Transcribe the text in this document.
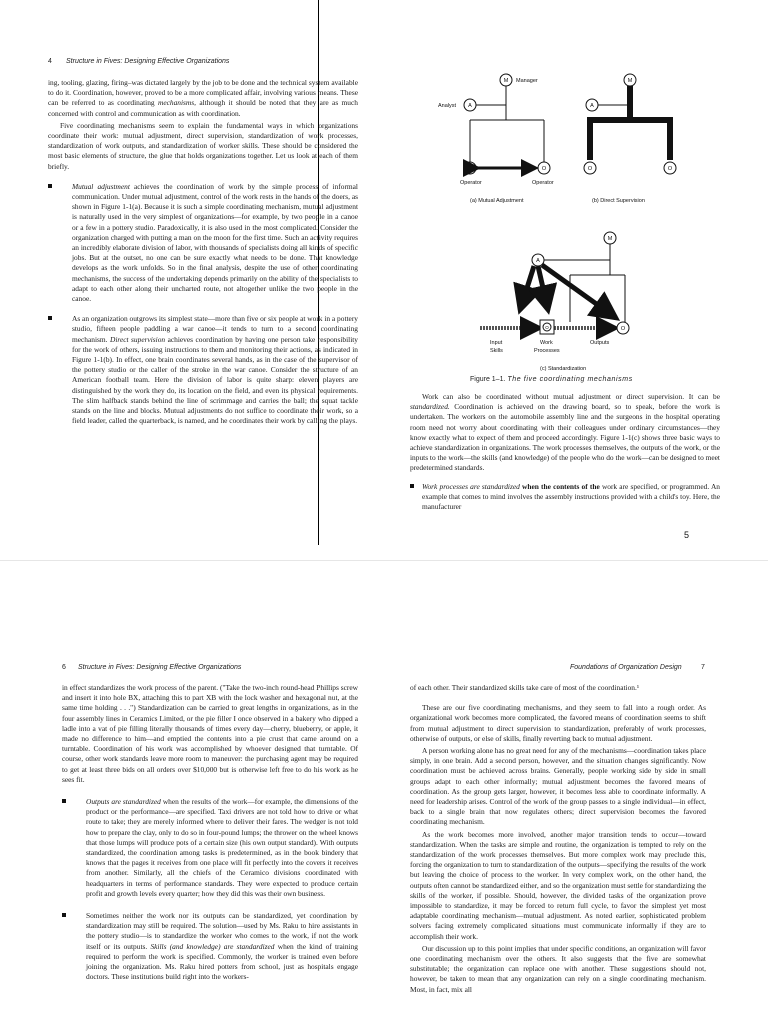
4 Structure in Fives: Designing Effective Organizations

ing, tooling, glazing, firing–was dictated largely by the job to be done and the technical system available to do it. Coordination, however, proved to be a more complicated affair, involving various means. These can be referred to as coordinating mechanisms, although it should be noted that they are as much concerned with control and communication as with coordination.

Five coordinating mechanisms seem to explain the fundamental ways in which organizations coordinate their work: mutual adjustment, direct supervision, standardization of work processes, standardization of work outputs, and standardization of worker skills. These should be considered the most basic elements of structure, the glue that holds organizations together. Let us look at each of them briefly.

Mutual adjustment achieves the coordination of work by the simple process of informal communication. Under mutual adjustment, control of the work rests in the hands of the doers, as shown in Figure 1-1(a). Because it is such a simple coordinating mechanism, mutual adjustment is naturally used in the very simplest of organizations—for example, by two people in a canoe or a few in a pottery studio. Paradoxically, it is also used in the most complicated. Consider the organization charged with putting a man on the moon for the first time. Such an activity requires an incredibly elaborate division of labor, with thousands of specialists doing all kinds of specific jobs. But at the outset, no one can be sure exactly what needs to be done. That knowledge develops as the work unfolds. So in the final analysis, despite the use of other coordinating mechanisms, the success of the undertaking depends primarily on the ability of the specialists to adapt to each other along their uncharted route, not altogether unlike the two people in the canoe.

As an organization outgrows its simplest state—more than five or six people at work in a pottery studio, fifteen people paddling a war canoe—it tends to turn to a second coordinating mechanism. Direct supervision achieves coordination by having one person take responsibility for the work of others, issuing instructions to them and monitoring their actions, as indicated in Figure 1-1(b). In effect, one brain coordinates several hands, as in the case of the supervisor of the pottery studio or the caller of the stroke in the war canoe. Consider the structure of an American football team. Here the division of labor is quite sharp: eleven players are distinguished by the work they do, its location on the field, and even its physical requirements. The slim halfback stands behind the line of scrimmage and carries the ball; the squat tackle stands on the line and blocks. Mutual adjustments do not suffice to coordinate their work, so a field leader, called the quarterback, is named, and he coordinates their work by calling the plays.

M Manager
A
Analyst
O	O
Operator	Operator
(a) Mutual Adjustment
M
A
O	O
(b) Direct Supervision
M
A
O	O
Input
Skills
Work
Processes
Outputs
(c) Standardization
Figure 1–1. The five coordinating mechanisms

Work can also be coordinated without mutual adjustment or direct supervision. It can be standardized. Coordination is achieved on the drawing board, so to speak, before the work is undertaken. The workers on the automobile assembly line and the surgeons in the hospital operating room need not worry about coordinating with their colleagues under ordinary circumstances—they know exactly what to expect of them and proceed accordingly. Figure 1-1(c) shows three basic ways to achieve standardization in organizations. The work processes themselves, the outputs of the work, or the inputs to the work—the skills (and knowledge) of the people who do the work—can be designed to meet predetermined standards.

Work processes are standardized when the contents of the work are specified, or programmed. An example that comes to mind involves the assembly instructions provided with a child's toy. Here, the manufacturer

5
6 Structure in Fives: Designing Effective Organizations	Foundations of Organization Design	7

in effect standardizes the work process of the parent. ("Take the two-inch round-head Phillips screw and insert it into hole BX, attaching this to part XB with the lock washer and hexagonal nut, at the same time holding . . .") Standardization can be carried to great lengths in organizations, as in the four assembly lines in Ceramics Limited, or the pie filler I once observed in a bakery who dipped a ladle into a vat of pie filling literally thousands of times every day—cherry, blueberry, or apple, it made no difference to him—and emptied the contents into a pie crust that came around on a turntable. Coordination of his work was accomplished by whoever designed that turntable. Of course, other work standards leave more room to maneuver: the purchasing agent may be required to get at least three bids on all orders over $10,000 but is otherwise left free to do his work as he sees fit.

Outputs are standardized when the results of the work—for example, the dimensions of the product or the performance—are specified. Taxi drivers are not told how to drive or what route to take; they are merely informed where to deliver their fares. The wedger is not told how to prepare the clay, only to do so in four-pound lumps; the thrower on the wheel knows that those lumps will produce pots of a certain size (his own output standard). With outputs standardized, the coordination among tasks is predetermined, as in the book bindery that knows that the pages it receives from one place will fit perfectly into the covers it receives from another. Similarly, all the chiefs of the Ceramico divisions coordinated with headquarters in terms of performance standards. They were expected to produce certain profit and growth levels every quarter; how they did this was their own business.

Sometimes neither the work nor its outputs can be standardized, yet coordination by standardization may still be required. The solution—used by Ms. Raku to hire assistants in the pottery studio—is to standardize the worker who comes to the work, if not the work itself or its outputs. Skills (and knowledge) are standardized when the kind of training required to perform the work is specified. Commonly, the worker is trained even before joining the organization. Ms. Raku hired potters from school, just as hospitals engage doctors. These institutions build right into the workers-

of each other. Their standardized skills take care of most of the coordination.¹

These are our five coordinating mechanisms, and they seem to fall into a rough order. As organizational work becomes more complicated, the favored means of coordination seems to shift from mutual adjustment to direct supervision to standardization, preferably of work processes, otherwise of outputs, or else of skills, finally reverting back to mutual adjustment.

A person working alone has no great need for any of the mechanisms—coordination takes place simply, in one brain. Add a second person, however, and the situation changes significantly. Now coordination must be achieved across brains. Generally, people working side by side in small groups adapt to each other informally; mutual adjustment becomes the favored means of coordination. As the group gets larger, however, it becomes less able to coordinate informally. A need for leadership arises. Control of the work of the group passes to a single individual—in effect, back to a single brain that now regulates others; direct supervision becomes the favored coordinating mechanism.

As the work becomes more involved, another major transition tends to occur—toward standardization. When the tasks are simple and routine, the organization is tempted to rely on the standardization of the work processes themselves. But more complex work may preclude this, forcing the organization to turn to standardization of the outputs—specifying the results of the work but leaving the choice of process to the worker. In very complex work, on the other hand, the outputs often cannot be standardized either, and so the organization must settle for standardizing the skills of the worker, if possible. Should, however, the divided tasks of the organization prove impossible to standardize, it may be forced to return full cycle, to favor the simplest yet most adaptable coordinating mechanism—mutual adjustment. As noted earlier, sophisticated problem solvers facing extremely complicated situations must communicate informally if they are to accomplish their work.

Our discussion up to this point implies that under specific conditions, an organization will favor one coordinating mechanism over the others. It also suggests that the five are somewhat substitutable; the organization can replace one with another. These suggestions should not, however, be taken to mean that any organization can rely on a single coordinating mechanism. Most, in fact, mix all
